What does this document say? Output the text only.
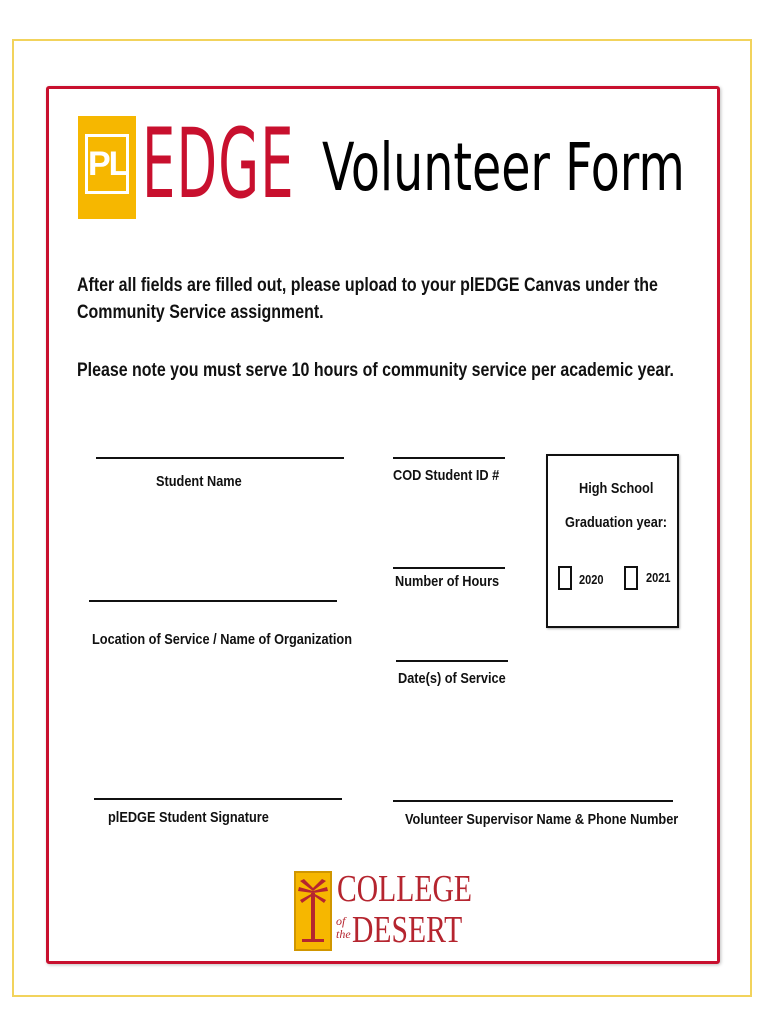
PL EDGE Volunteer Form
After all fields are filled out, please upload to your plEDGE Canvas under the
Community Service assignment.
Please note you must serve 10 hours of community service per academic year.
Student Name	COD Student ID #
Number of Hours
Location of Service / Name of Organization
Date(s) of Service
plEDGE Student Signature	Volunteer Supervisor Name & Phone Number
High School
Graduation year:
2020	2021
COLLEGE
of
the DESERT
